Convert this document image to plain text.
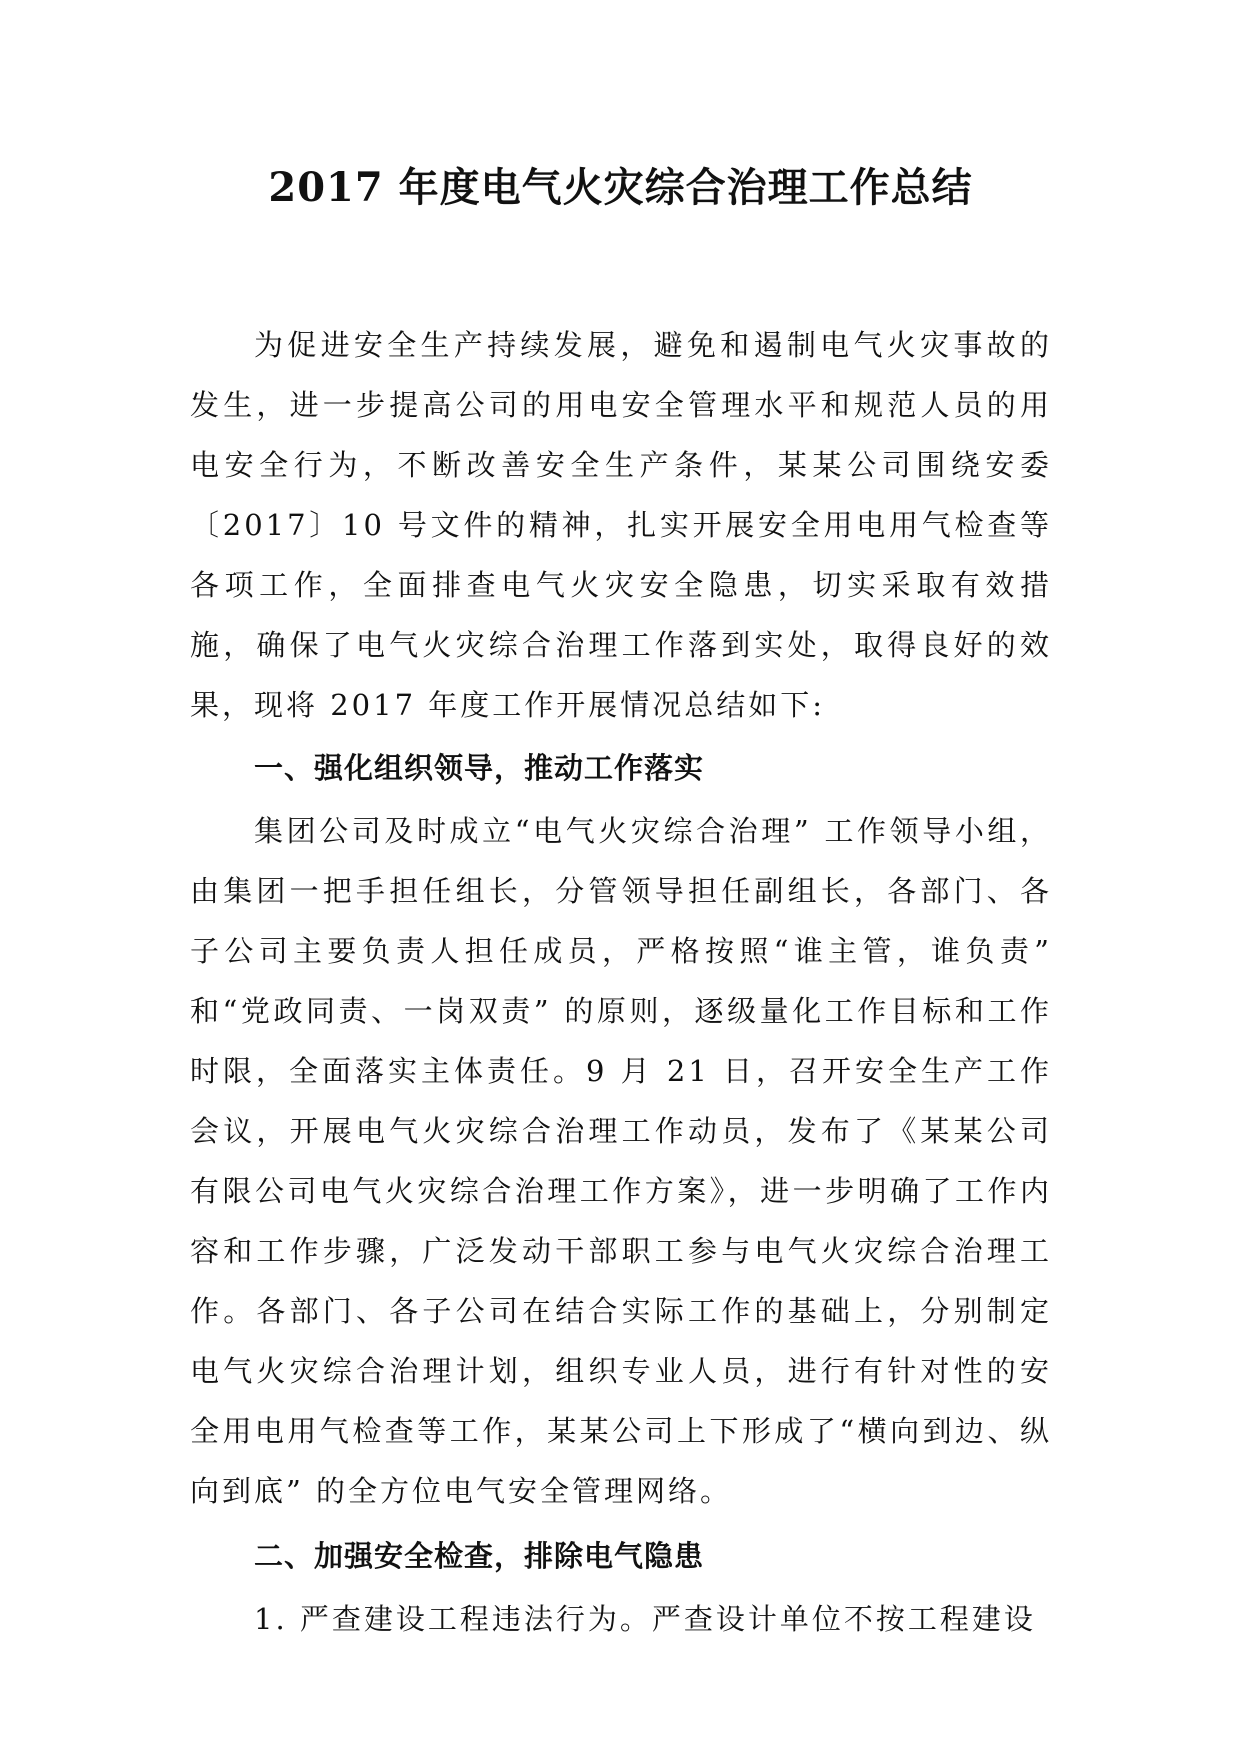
2017 年度电气火灾综合治理工作总结

为促进安全生产持续发展，避免和遏制电气火灾事故的发生，进一步提高公司的用电安全管理水平和规范人员的用电安全行为，不断改善安全生产条件，某某公司围绕安委〔2017〕10 号文件的精神，扎实开展安全用电用气检查等各项工作，全面排查电气火灾安全隐患，切实采取有效措施，确保了电气火灾综合治理工作落到实处，取得良好的效果，现将 2017 年度工作开展情况总结如下:

一、强化组织领导，推动工作落实

集团公司及时成立“电气火灾综合治理” 工作领导小组，由集团一把手担任组长，分管领导担任副组长，各部门、各子公司主要负责人担任成员，严格按照“谁主管，谁负责” 和“党政同责、一岗双责” 的原则，逐级量化工作目标和工作时限，全面落实主体责任。9 月 21 日，召开安全生产工作会议，开展电气火灾综合治理工作动员，发布了《某某公司有限公司电气火灾综合治理工作方案》，进一步明确了工作内容和工作步骤，广泛发动干部职工参与电气火灾综合治理工作。各部门、各子公司在结合实际工作的基础上，分别制定电气火灾综合治理计划，组织专业人员，进行有针对性的安全用电用气检查等工作，某某公司上下形成了“横向到边、纵向到底” 的全方位电气安全管理网络。

二、加强安全检查，排除电气隐患

1. 严查建设工程违法行为。严查设计单位不按工程建设
